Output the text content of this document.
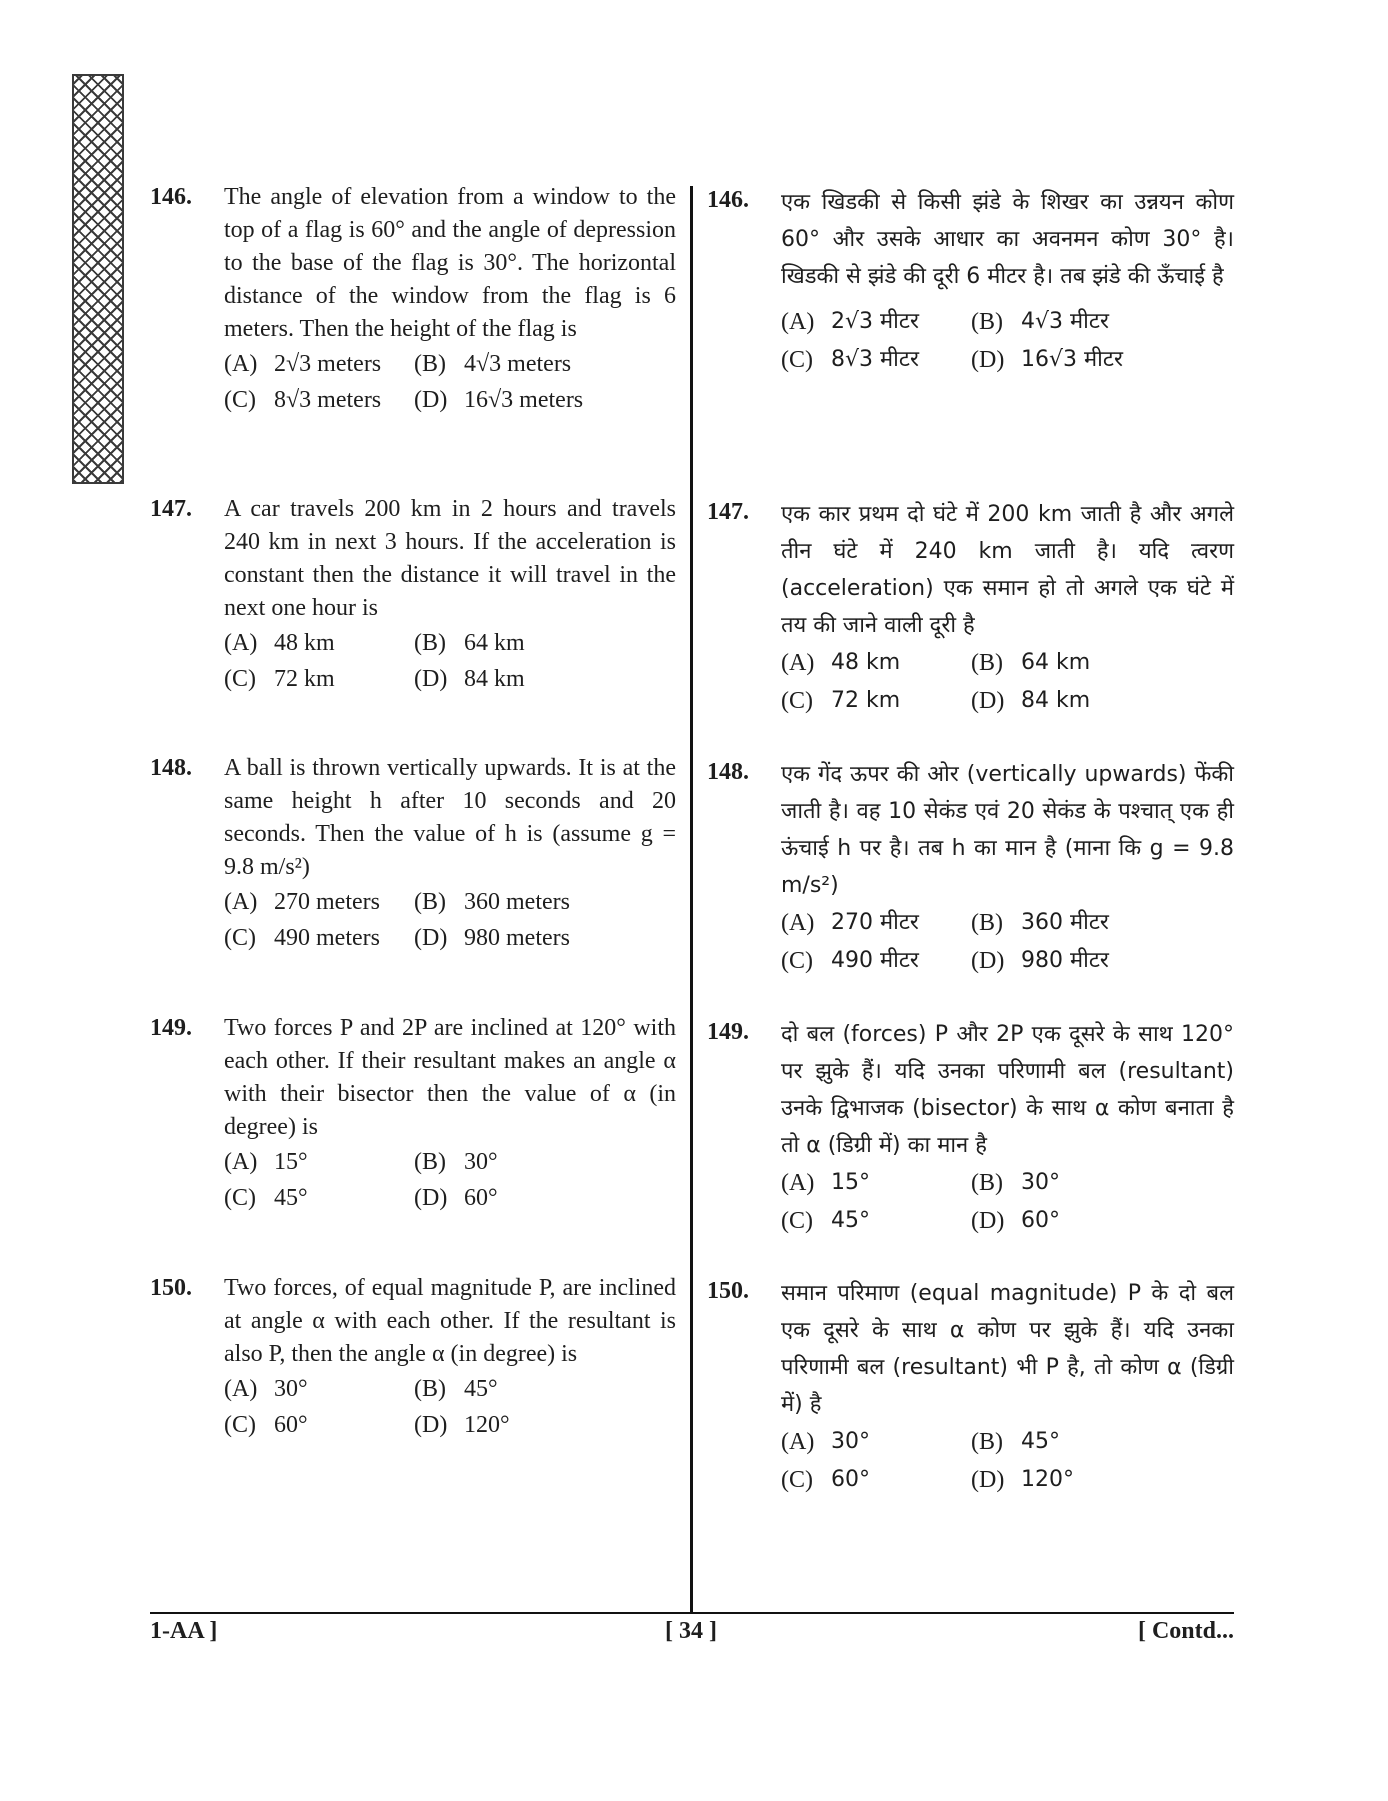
146. The angle of elevation from a window to the top of a flag is 60° and the angle of depression to the base of the flag is 30°. The horizontal distance of the window from the flag is 6 meters. Then the height of the flag is
(A) 2√3 meters (B) 4√3 meters
(C) 8√3 meters (D) 16√3 meters
147. A car travels 200 km in 2 hours and travels 240 km in next 3 hours. If the acceleration is constant then the distance it will travel in the next one hour is
(A) 48 km	(B) 64 km
(C) 72 km	(D) 84 km
148. A ball is thrown vertically upwards. It is at the same height h after 10 seconds and 20 seconds. Then the value of h is (assume g = 9.8 m/s²)
(A) 270 meters (B) 360 meters
(C) 490 meters (D) 980 meters
149. Two forces P and 2P are inclined at 120° with each other. If their resultant makes an angle α with their bisector then the value of α (in degree) is
(A) 15°	(B) 30°
(C) 45°	(D) 60°
150. Two forces, of equal magnitude P, are inclined at angle α with each other. If the resultant is also P, then the angle α (in degree) is
(A) 30°	(B) 45°
(C) 60°	(D) 120°
146. एक खिडकी से किसी झंडे के शिखर का उन्नयन कोण 60° और उसके आधार का अवनमन कोण 30° है। खिडकी से झंडे की दूरी 6 मीटर है। तब झंडे की ऊँचाई है
(A) 2√3 मीटर (B) 4√3 मीटर
(C) 8√3 मीटर (D) 16√3 मीटर
147. एक कार प्रथम दो घंटे में 200 km जाती है और अगले तीन घंटे में 240 km जाती है। यदि त्वरण (acceleration) एक समान हो तो अगले एक घंटे में तय की जाने वाली दूरी है
(A) 48 km	(B) 64 km
(C) 72 km	(D) 84 km
148. एक गेंद ऊपर की ओर (vertically upwards) फेंकी जाती है। वह 10 सेकंड एवं 20 सेकंड के पश्चात् एक ही ऊंचाई h पर है। तब h का मान है (माना कि g = 9.8 m/s²)
(A) 270 मीटर (B) 360 मीटर
(C) 490 मीटर (D) 980 मीटर
149. दो बल (forces) P और 2P एक दूसरे के साथ 120° पर झुके हैं। यदि उनका परिणामी बल (resultant) उनके द्विभाजक (bisector) के साथ α कोण बनाता है तो α (डिग्री में) का मान है
(A) 15°	(B) 30°
(C) 45°	(D) 60°
150. समान परिमाण (equal magnitude) P के दो बल एक दूसरे के साथ α कोण पर झुके हैं। यदि उनका परिणामी बल (resultant) भी P है, तो कोण α (डिग्री में) है
(A) 30°	(B) 45°
(C) 60°	(D) 120°
1-AA ]	[ 34 ]	[ Contd...
